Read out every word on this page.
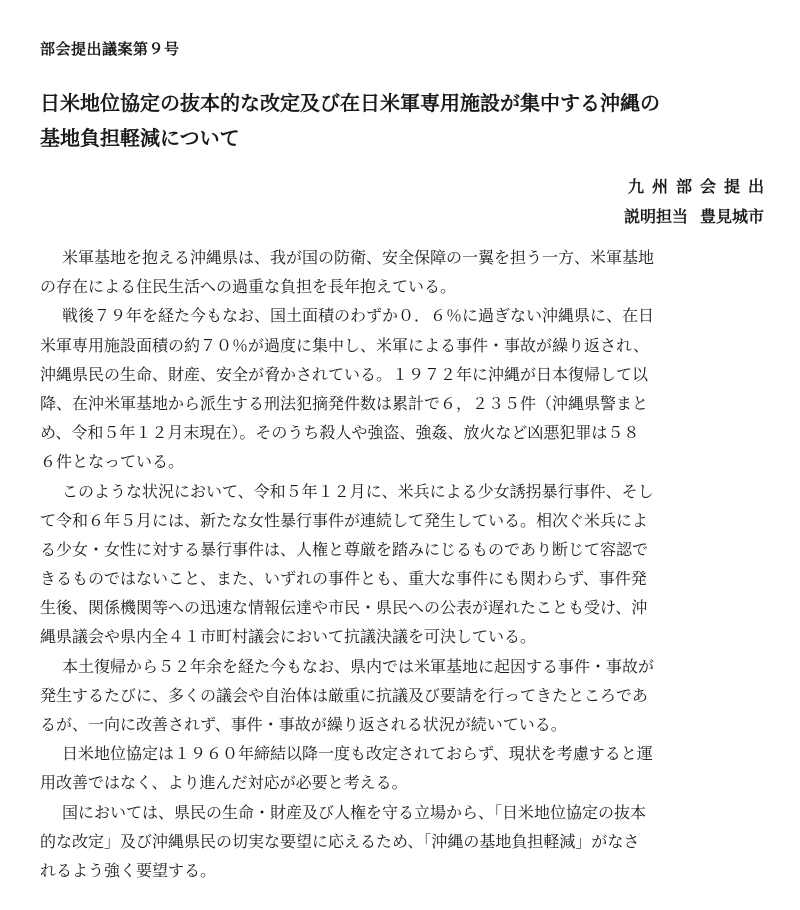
部会提出議案第９号
日米地位協定の抜本的な改定及び在日米軍専用施設が集中する沖縄の
基地負担軽減について
九 州 部 会 提 出
説明担当 豊見城市

米軍基地を抱える沖縄県は、我が国の防衛、安全保障の一翼を担う一方、米軍基地
の存在による住民生活への過重な負担を長年抱えている。

戦後７９年を経た今もなお、国土面積のわずか０．６％に過ぎない沖縄県に、在日
米軍専用施設面積の約７０％が過度に集中し、米軍による事件・事故が繰り返され、
沖縄県民の生命、財産、安全が脅かされている。１９７２年に沖縄が日本復帰して以
降、在沖米軍基地から派生する刑法犯摘発件数は累計で６，２３５件（沖縄県警まと
め、令和５年１２月末現在）。そのうち殺人や強盗、強姦、放火など凶悪犯罪は５８
６件となっている。

このような状況において、令和５年１２月に、米兵による少女誘拐暴行事件、そし
て令和６年５月には、新たな女性暴行事件が連続して発生している。相次ぐ米兵によ
る少女・女性に対する暴行事件は、人権と尊厳を踏みにじるものであり断じて容認で
きるものではないこと、また、いずれの事件とも、重大な事件にも関わらず、事件発
生後、関係機関等への迅速な情報伝達や市民・県民への公表が遅れたことも受け、沖
縄県議会や県内全４１市町村議会において抗議決議を可決している。

本土復帰から５２年余を経た今もなお、県内では米軍基地に起因する事件・事故が
発生するたびに、多くの議会や自治体は厳重に抗議及び要請を行ってきたところであ
るが、一向に改善されず、事件・事故が繰り返される状況が続いている。

日米地位協定は１９６０年締結以降一度も改定されておらず、現状を考慮すると運
用改善ではなく、より進んだ対応が必要と考える。

国においては、県民の生命・財産及び人権を守る立場から、「日米地位協定の抜本
的な改定」及び沖縄県民の切実な要望に応えるため、「沖縄の基地負担軽減」がなさ
れるよう強く要望する。
